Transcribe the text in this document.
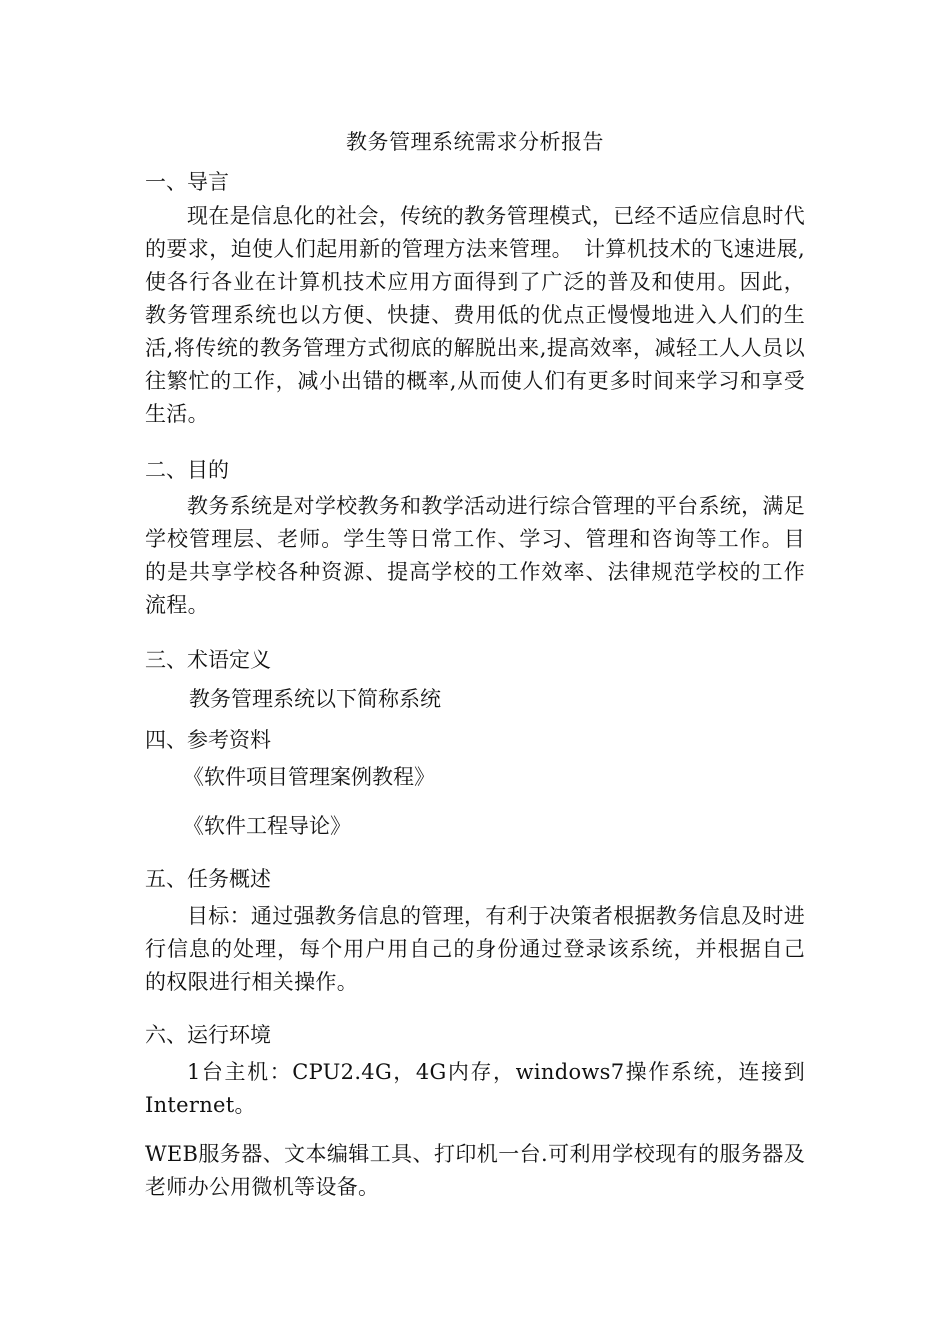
教务管理系统需求分析报告
一、导言
现在是信息化的社会，传统的教务管理模式，已经不适应信息时代的要求，迫使人们起用新的管理方法来管理。　计算机技术的飞速进展,使各行各业在计算机技术应用方面得到了广泛的普及和使用。因此，教务管理系统也以方便、快捷、费用低的优点正慢慢地进入人们的生活,将传统的教务管理方式彻底的解脱出来,提高效率，减轻工人人员以往繁忙的工作，减小出错的概率,从而使人们有更多时间来学习和享受生活。
二、目的
教务系统是对学校教务和教学活动进行综合管理的平台系统，满足学校管理层、老师。学生等日常工作、学习、管理和咨询等工作。目的是共享学校各种资源、提高学校的工作效率、法律规范学校的工作流程。
三、术语定义
教务管理系统以下简称系统
四、参考资料
《软件项目管理案例教程》
《软件工程导论》
五、任务概述
目标：通过强教务信息的管理，有利于决策者根据教务信息及时进行信息的处理，每个用户用自己的身份通过登录该系统，并根据自己的权限进行相关操作。
六、运行环境
1台主机：CPU2.4G，4G内存，windows7操作系统，连接到Internet。
WEB服务器、文本编辑工具、打印机一台.可利用学校现有的服务器及老师办公用微机等设备。
